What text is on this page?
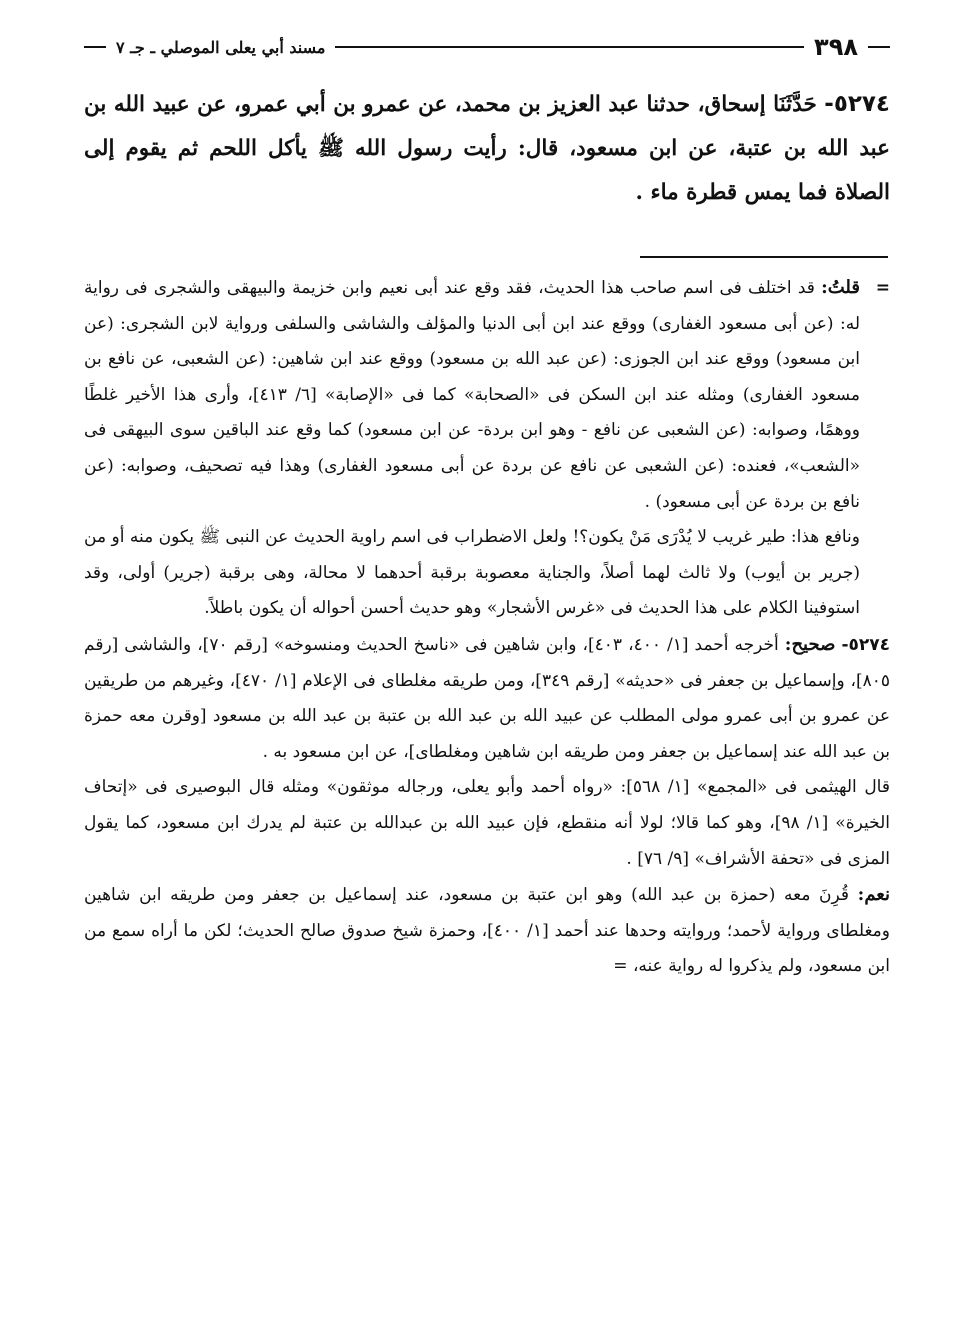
٣٩٨
مسند أبي يعلى الموصلي ـ جـ ٧
٥٢٧٤- حَدَّثَنَا إسحاق، حدثنا عبد العزيز بن محمد، عن عمرو بن أبي عمرو، عن عبيد الله بن عبد الله بن عتبة، عن ابن مسعود، قال: رأيت رسول الله ﷺ يأكل اللحم ثم يقوم إلى الصلاة فما يمس قطرة ماء .

=قلتُ: قد اختلف فى اسم صاحب هذا الحديث، فقد وقع عند أبى نعيم وابن خزيمة والبيهقى والشجرى فى رواية له: (عن أبى مسعود الغفارى) ووقع عند ابن أبى الدنيا والمؤلف والشاشى والسلفى ورواية لابن الشجرى: (عن ابن مسعود) ووقع عند ابن الجوزى: (عن عبد الله بن مسعود) ووقع عند ابن شاهين: (عن الشعبى، عن نافع بن مسعود الغفارى) ومثله عند ابن السكن فى «الصحابة» كما فى «الإصابة» [٦/ ٤١٣]، وأرى هذا الأخير غلطًا ووهمًا، وصوابه: (عن الشعبى عن نافع - وهو ابن بردة- عن ابن مسعود) كما وقع عند الباقين سوى البيهقى فى «الشعب»، فعنده: (عن الشعبى عن نافع عن بردة عن أبى مسعود الغفارى) وهذا فيه تصحيف، وصوابه: (عن نافع بن بردة عن أبى مسعود) .

ونافع هذا: طير غريب لا يُدْرَى مَنْ يكون؟! ولعل الاضطراب فى اسم راوية الحديث عن النبى ﷺ يكون منه أو من (جرير بن أيوب) ولا ثالث لهما أصلاً، والجناية معصوبة برقبة أحدهما لا محالة، وهى برقبة (جرير) أولى، وقد استوفينا الكلام على هذا الحديث فى «غرس الأشجار» وهو حديث أحسن أحواله أن يكون باطلاً.

٥٢٧٤- صحيح: أخرجه أحمد [١/ ٤٠٠، ٤٠٣]، وابن شاهين فى «ناسخ الحديث ومنسوخه» [رقم ٧٠]، والشاشى [رقم ٨٠٥]، وإسماعيل بن جعفر فى «حديثه» [رقم ٣٤٩]، ومن طريقه مغلطاى فى الإعلام [١/ ٤٧٠]، وغيرهم من طريقين عن عمرو بن أبى عمرو مولى المطلب عن عبيد الله بن عبد الله بن عتبة بن عبد الله بن مسعود [وقرن معه حمزة بن عبد الله عند إسماعيل بن جعفر ومن طريقه ابن شاهين ومغلطاى]، عن ابن مسعود به .

قال الهيثمى فى «المجمع» [١/ ٥٦٨]: «رواه أحمد وأبو يعلى، ورجاله موثقون» ومثله قال البوصيرى فى «إتحاف الخيرة» [١/ ٩٨]، وهو كما قالا؛ لولا أنه منقطع، فإن عبيد الله بن عبدالله بن عتبة لم يدرك ابن مسعود، كما يقول المزى فى «تحفة الأشراف» [٩/ ٧٦] .

نعم: قُرِنَ معه (حمزة بن عبد الله) وهو ابن عتبة بن مسعود، عند إسماعيل بن جعفر ومن طريقه ابن شاهين ومغلطاى ورواية لأحمد؛ وروايته وحدها عند أحمد [١/ ٤٠٠]، وحمزة شيخ صدوق صالح الحديث؛ لكن ما أراه سمع من ابن مسعود، ولم يذكروا له رواية عنه، =
